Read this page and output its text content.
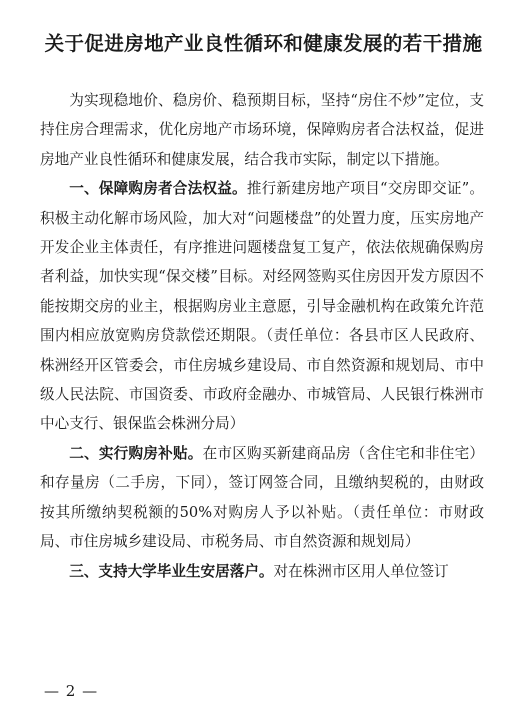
关于促进房地产业良性循环和健康发展的若干措施

为实现稳地价、稳房价、稳预期目标，坚持“房住不炒”定位，支持住房合理需求，优化房地产市场环境，保障购房者合法权益，促进房地产业良性循环和健康发展，结合我市实际，制定以下措施。

一、保障购房者合法权益。推行新建房地产项目“交房即交证”。积极主动化解市场风险，加大对“问题楼盘”的处置力度，压实房地产开发企业主体责任，有序推进问题楼盘复工复产，依法依规确保购房者利益，加快实现“保交楼”目标。对经网签购买住房因开发方原因不能按期交房的业主，根据购房业主意愿，引导金融机构在政策允许范围内相应放宽购房贷款偿还期限。（责任单位：各县市区人民政府、株洲经开区管委会，市住房城乡建设局、市自然资源和规划局、市中级人民法院、市国资委、市政府金融办、市城管局、人民银行株洲市中心支行、银保监会株洲分局）

二、实行购房补贴。在市区购买新建商品房（含住宅和非住宅）和存量房（二手房，下同），签订网签合同，且缴纳契税的，由财政按其所缴纳契税额的50%对购房人予以补贴。（责任单位：市财政局、市住房城乡建设局、市税务局、市自然资源和规划局）

三、支持大学毕业生安居落户。对在株洲市区用人单位签订

— 2 —
